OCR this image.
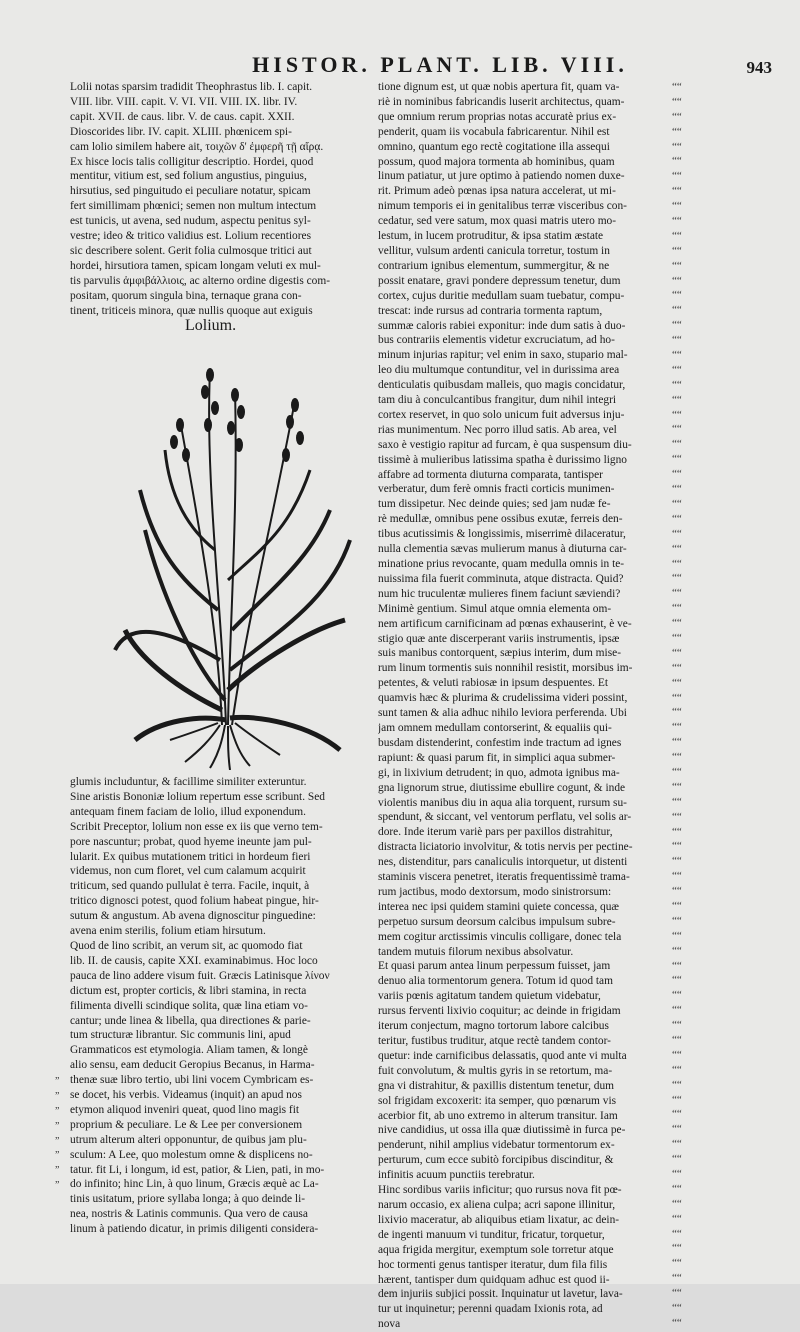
HISTOR. PLANT. LIB. VIII.	943
Lolii notas sparsim tradidit Theophrastus lib. I. capit.
VIII. libr. VIII. capit. V. VI. VII. VIII. IX. libr. IV.
capit. XVII. de caus. libr. V. de caus. capit. XXII.
Dioscorides libr. IV. capit. XLIII. phœnicem spi-
cam lolio similem habere ait, τοιχῶν δ' ἐμφερῆ τῇ αἴρᾳ.
Ex hisce locis talis colligitur descriptio. Hordei, quod
mentitur, vitium est, sed folium angustius, pinguius,
hirsutius, sed pinguitudo ei peculiare notatur, spicam
fert simillimam phœnici; semen non multum intectum
est tunicis, ut avena, sed nudum, aspectu penitus syl-
vestre; ideo & tritico validius est. Lolium recentiores
sic describere solent. Gerit folia culmosque tritici aut
hordei, hirsutiora tamen, spicam longam veluti ex mul-
tis parvulis ἀμφιβάλλιοις, ac alterno ordine digestis com-
positam, quorum singula bina, ternaque grana con-
tinent, triticeis minora, quæ nullis quoque aut exiguis
Lolium.
glumis includuntur, & facillime similiter exteruntur.
Sine aristis Bononiæ lolium repertum esse scribunt. Sed
antequam finem faciam de lolio, illud exponendum.
Scribit Preceptor, lolium non esse ex iis que verno tem-
pore nascuntur; probat, quod hyeme ineunte jam pul-
lularit. Ex quibus mutationem tritici in hordeum fieri
videmus, non cum floret, vel cum calamum acquirit
triticum, sed quando pullulat è terra. Facile, inquit, à
tritico dignosci potest, quod folium habeat pingue, hir-
sutum & angustum. Ab avena dignoscitur pinguedine:
avena enim sterilis, folium etiam hirsutum.
Quod de lino scribit, an verum sit, ac quomodo fiat
lib. II. de causis, capite XXI. examinabimus. Hoc loco
pauca de lino addere visum fuit. Græcis Latinisque λίνον
dictum est, propter corticis, & libri stamina, in recta
filimenta divelli scindique solita, quæ lina etiam vo-
cantur; unde linea & libella, qua directiones & parie-
tum structuræ librantur. Sic communis lini, apud
Grammaticos est etymologia. Aliam tamen, & longè
alio sensu, eam deducit Geropius Becanus, in Harma-
thenæ suæ libro tertio, ubi lini vocem Cymbricam es-
se docet, his verbis. Videamus (inquit) an apud nos
etymon aliquod inveniri queat, quod lino magis fit
proprium & peculiare. Le & Lee per conversionem
utrum alterum alteri opponuntur, de quibus jam plu-
sculum: A Lee, quo molestum omne & displicens no-
tatur. fit Li, i longum, id est, patior, & Lien, pati, in mo-
do infinito; hinc Lin, à quo linum, Græcis æquè ac La-
tinis usitatum, priore syllaba longa; à quo deinde li-
nea, nostris & Latinis communis. Qua vero de causa
linum à patiendo dicatur, in primis diligenti considera-
”
”
”
”
”
”
”
”
tione dignum est, ut quæ nobis apertura fit, quam va-
riè in nominibus fabricandis luserit architectus, quam-
que omnium rerum proprias notas accuratè prius ex-
penderit, quam iis vocabula fabricarentur. Nihil est
omnino, quantum ego rectè cogitatione illa assequi
possum, quod majora tormenta ab hominibus, quam
linum patiatur, ut jure optimo à patiendo nomen duxe-
rit. Primum adeò pœnas ipsa natura accelerat, ut mi-
nimum temporis ei in genitalibus terræ visceribus con-
cedatur, sed vere satum, mox quasi matris utero mo-
lestum, in lucem protruditur, & ipsa statim æstate
vellitur, vulsum ardenti canicula torretur, tostum in
contrarium ignibus elementum, summergitur, & ne
possit enatare, gravi pondere depressum tenetur, dum
cortex, cujus duritie medullam suam tuebatur, compu-
trescat: inde rursus ad contraria tormenta raptum,
summæ caloris rabiei exponitur: inde dum satis à duo-
bus contrariis elementis videtur excruciatum, ad ho-
minum injurias rapitur; vel enim in saxo, stupario mal-
leo diu multumque contunditur, vel in durissima area
denticulatis quibusdam malleis, quo magis concidatur,
tam diu à conculcantibus frangitur, dum nihil integri
cortex reservet, in quo solo unicum fuit adversus inju-
rias munimentum. Nec porro illud satis. Ab area, vel
saxo è vestigio rapitur ad furcam, è qua suspensum diu-
tissimè à mulieribus latissima spatha è durissimo ligno
affabre ad tormenta diuturna comparata, tantisper
verberatur, dum ferè omnis fracti corticis munimen-
tum dissipetur. Nec deinde quies; sed jam nudæ fe-
rè medullæ, omnibus pene ossibus exutæ, ferreis den-
tibus acutissimis & longissimis, miserrimè dilaceratur,
nulla clementia sævas mulierum manus à diuturna car-
minatione prius revocante, quam medulla omnis in te-
nuissima fila fuerit comminuta, atque distracta. Quid?
num hic truculentæ mulieres finem faciunt sæviendi?
Minimè gentium. Simul atque omnia elementa om-
nem artificum carnificinam ad pœnas exhauserint, è ve-
stigio quæ ante discerperant variis instrumentis, ipsæ
suis manibus contorquent, sæpius interim, dum mise-
rum linum tormentis suis nonnihil resistit, morsibus im-
petentes, & veluti rabiosæ in ipsum despuentes. Et
quamvis hæc & plurima & crudelissima videri possint,
sunt tamen & alia adhuc nihilo leviora perferenda. Ubi
jam omnem medullam contorserint, & equaliis qui-
busdam distenderint, confestim inde tractum ad ignes
rapiunt: & quasi parum fit, in simplici aqua submer-
gi, in lixivium detrudent; in quo, admota ignibus ma-
gna lignorum strue, diutissime ebullire cogunt, & inde
violentis manibus diu in aqua alia torquent, rursum su-
spendunt, & siccant, vel ventorum perflatu, vel solis ar-
dore. Inde iterum variè pars per paxillos distrahitur,
distracta liciatorio involvitur, & totis nervis per pectine-
nes, distenditur, pars canaliculis intorquetur, ut distenti
staminis viscera penetret, iteratis frequentissimè trama-
rum jactibus, modo dextorsum, modo sinistrorsum:
interea nec ipsi quidem stamini quiete concessa, quæ
perpetuo sursum deorsum calcibus impulsum subre-
mem cogitur arctissimis vinculis colligare, donec tela
tandem mutuis filorum nexibus absolvatur.
Et quasi parum antea linum perpessum fuisset, jam
denuo alia tormentorum genera. Totum id quod tam
variis pœnis agitatum tandem quietum videbatur,
rursus ferventi lixivio coquitur; ac deinde in frigidam
iterum conjectum, magno tortorum labore calcibus
teritur, fustibus truditur, atque rectè tandem contor-
quetur: inde carnificibus delassatis, quod ante vi multa
fuit convolutum, & multis gyris in se retortum, ma-
gna vi distrahitur, & paxillis distentum tenetur, dum
sol frigidam excoxerit: ita semper, quo pœnarum vis
acerbior fit, ab uno extremo in alterum transitur. Iam
nive candidius, ut ossa illa quæ diutissimè in furca pe-
penderunt, nihil amplius videbatur tormentorum ex-
perturum, cum ecce subitò forcipibus discinditur, &
infinitis acuum punctiis terebratur.
Hinc sordibus variis inficitur; quo rursus nova fit pœ-
narum occasio, ex aliena culpa; acri sapone illinitur,
lixivio maceratur, ab aliquibus etiam lixatur, ac dein-
de ingenti manuum vi tunditur, fricatur, torquetur,
aqua frigida mergitur, exemptum sole torretur atque
hoc tormenti genus tantisper iteratur, dum fila filis
hærent, tantisper dum quidquam adhuc est quod ii-
dem injuriis subjici possit. Inquinatur ut lavetur, lava-
tur ut inquinetur; perenni quadam Ixionis rota, ad
nova
““
““
““
““
““
““
““
““
““
““
““
““
““
““
““
““
““
““
““
““
““
““
““
““
““
““
““
““
““
““
““
““
““
““
““
““
““
““
““
““
““
““
““
““
““
““
““
““
““
““
““
““
““
““
““
““
““
““
““
““
““
““
““
““
““
““
““
““
““
““
““
““
““
““
““
““
““
““
““
““
““
““
““
““
